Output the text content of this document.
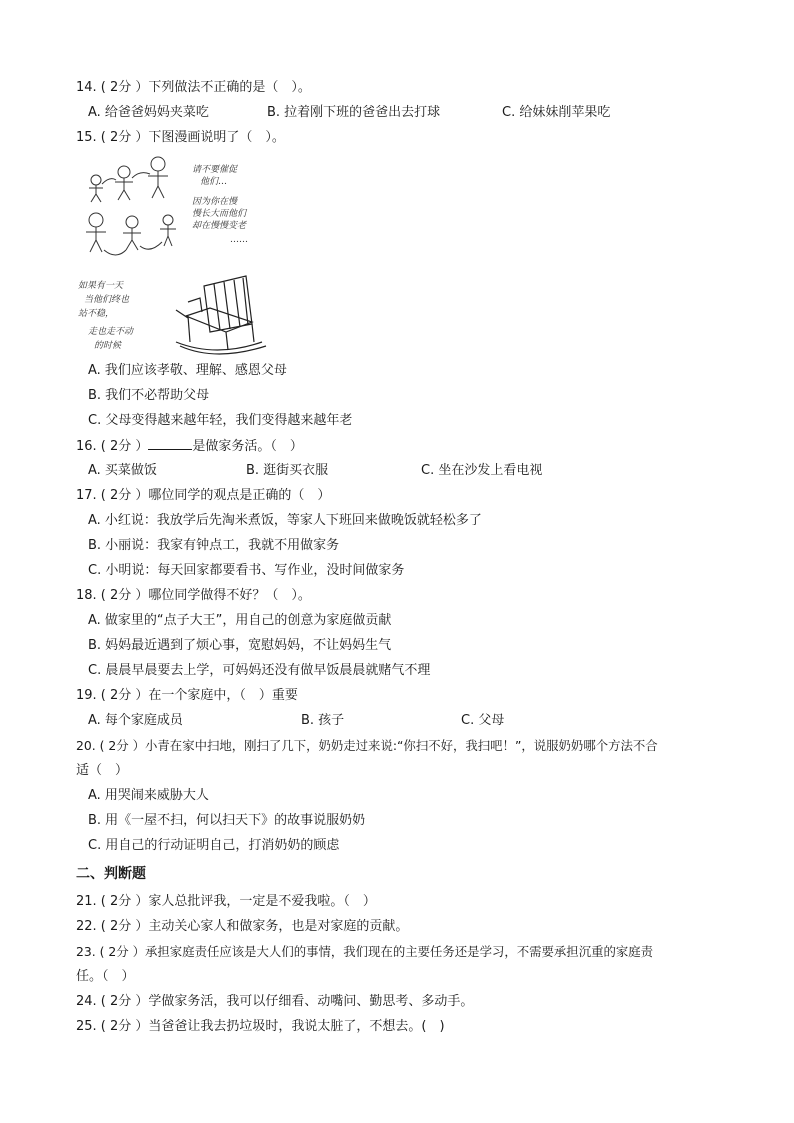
14. ( 2分 ）下列做法不正确的是（　）。
A. 给爸爸妈妈夹菜吃	B. 拉着刚下班的爸爸出去打球	C. 给妹妹削苹果吃
15. ( 2分 ）下图漫画说明了（　）。
请不要催促
他们…
因为你在慢
慢长大而他们
却在慢慢变老
……
如果有一天
当他们终也
站不稳，
走也走不动
的时候
A. 我们应该孝敬、理解、感恩父母
B. 我们不必帮助父母
C. 父母变得越来越年轻，我们变得越来越年老
16. ( 2分 ）	是做家务活。（　）
A. 买菜做饭	B. 逛街买衣服	C. 坐在沙发上看电视
17. ( 2分 ）哪位同学的观点是正确的（　）
A. 小红说：我放学后先淘米煮饭，等家人下班回来做晚饭就轻松多了
B. 小丽说：我家有钟点工，我就不用做家务
C. 小明说：每天回家都要看书、写作业，没时间做家务
18. ( 2分 ）哪位同学做得不好？（　）。
A. 做家里的“点子大王”，用自己的创意为家庭做贡献
B. 妈妈最近遇到了烦心事，宽慰妈妈，不让妈妈生气
C. 晨晨早晨要去上学，可妈妈还没有做早饭晨晨就赌气不理
19. ( 2分 ）在一个家庭中，（　）重要
A. 每个家庭成员	B. 孩子	C. 父母
20. ( 2分 ）小青在家中扫地，刚扫了几下，奶奶走过来说:“你扫不好，我扫吧！”，说服奶奶哪个方法不合
适（　）
A. 用哭闹来威胁大人
B. 用《一屋不扫，何以扫天下》的故事说服奶奶
C. 用自己的行动证明自己，打消奶奶的顾虑
二、判断题
21. ( 2分 ）家人总批评我，一定是不爱我啦。（　）
22. ( 2分 ）主动关心家人和做家务，也是对家庭的贡献。
23. ( 2分 ）承担家庭责任应该是大人们的事情，我们现在的主要任务还是学习，不需要承担沉重的家庭责
任。（　）
24. ( 2分 ）学做家务活，我可以仔细看、动嘴问、勤思考、多动手。
25. ( 2分 ）当爸爸让我去扔垃圾时，我说太脏了，不想去。(　)
